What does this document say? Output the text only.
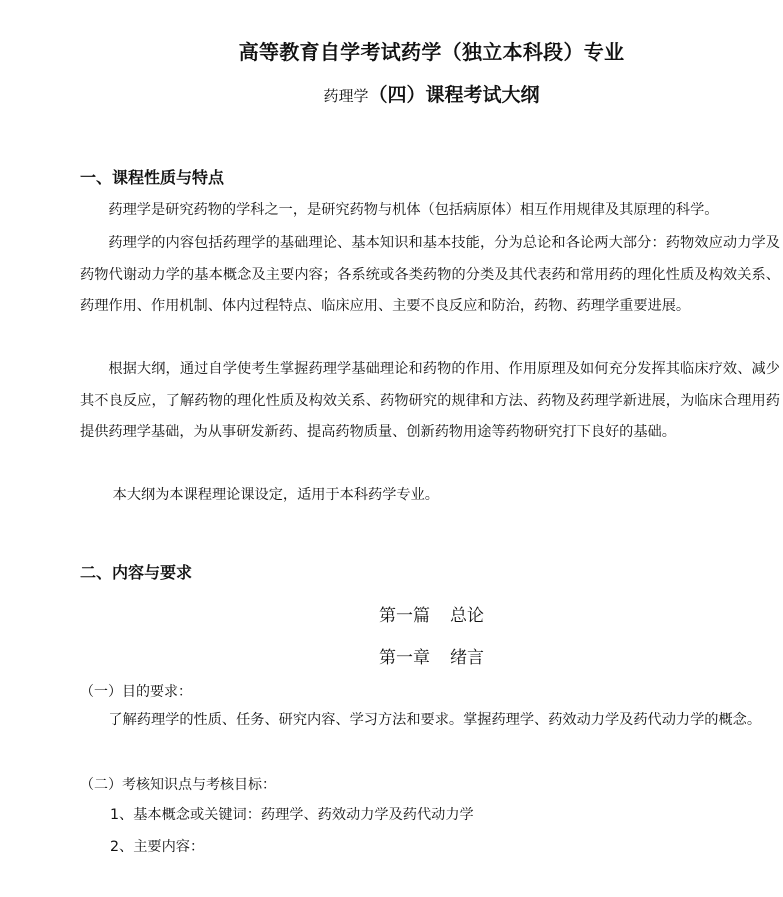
高等教育自学考试药学（独立本科段）专业
药理学（四）课程考试大纲
一、课程性质与特点

药理学是研究药物的学科之一，是研究药物与机体（包括病原体）相互作用规律及其原理的科学。

药理学的内容包括药理学的基础理论、基本知识和基本技能，分为总论和各论两大部分：药物效应动力学及药物代谢动力学的基本概念及主要内容；各系统或各类药物的分类及其代表药和常用药的理化性质及构效关系、药理作用、作用机制、体内过程特点、临床应用、主要不良反应和防治，药物、药理学重要进展。

根据大纲，通过自学使考生掌握药理学基础理论和药物的作用、作用原理及如何充分发挥其临床疗效、减少其不良反应，了解药物的理化性质及构效关系、药物研究的规律和方法、药物及药理学新进展，为临床合理用药提供药理学基础，为从事研发新药、提高药物质量、创新药物用途等药物研究打下良好的基础。

本大纲为本课程理论课设定，适用于本科药学专业。

二、内容与要求
第一篇 总论
第一章 绪言
（一）目的要求：

了解药理学的性质、任务、研究内容、学习方法和要求。掌握药理学、药效动力学及药代动力学的概念。

（二）考核知识点与考核目标：
1、基本概念或关键词：药理学、药效动力学及药代动力学
2、主要内容：
